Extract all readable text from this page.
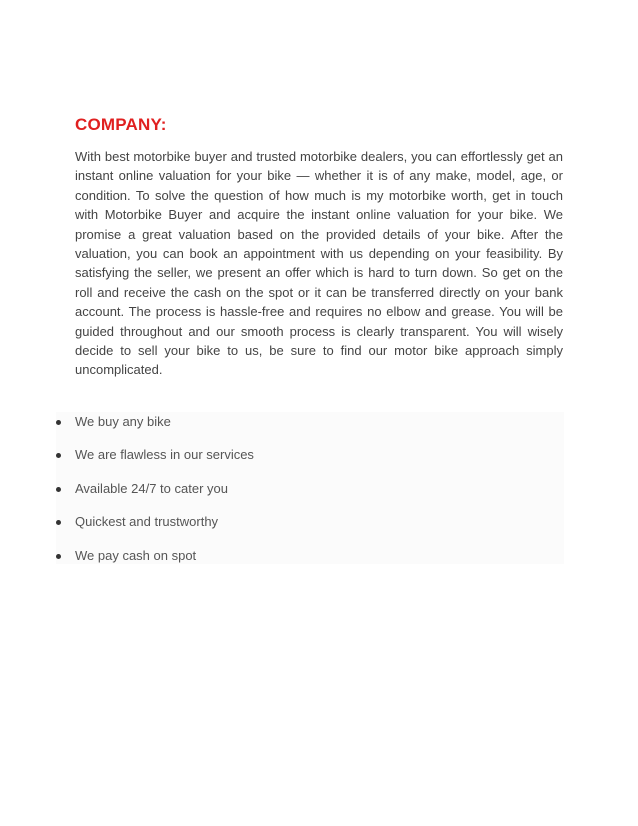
COMPANY:
With best motorbike buyer and trusted motorbike dealers, you can effortlessly get an instant online valuation for your bike — whether it is of any make, model, age, or condition. To solve the question of how much is my motorbike worth, get in touch with Motorbike Buyer and acquire the instant online valuation for your bike. We promise a great valuation based on the provided details of your bike. After the valuation, you can book an appointment with us depending on your feasibility. By satisfying the seller, we present an offer which is hard to turn down. So get on the roll and receive the cash on the spot or it can be transferred directly on your bank account. The process is hassle-free and requires no elbow and grease. You will be guided throughout and our smooth process is clearly transparent. You will wisely decide to sell your bike to us, be sure to find our motor bike approach simply uncomplicated.
We buy any bike
We are flawless in our services
Available 24/7 to cater you
Quickest and trustworthy
We pay cash on spot
